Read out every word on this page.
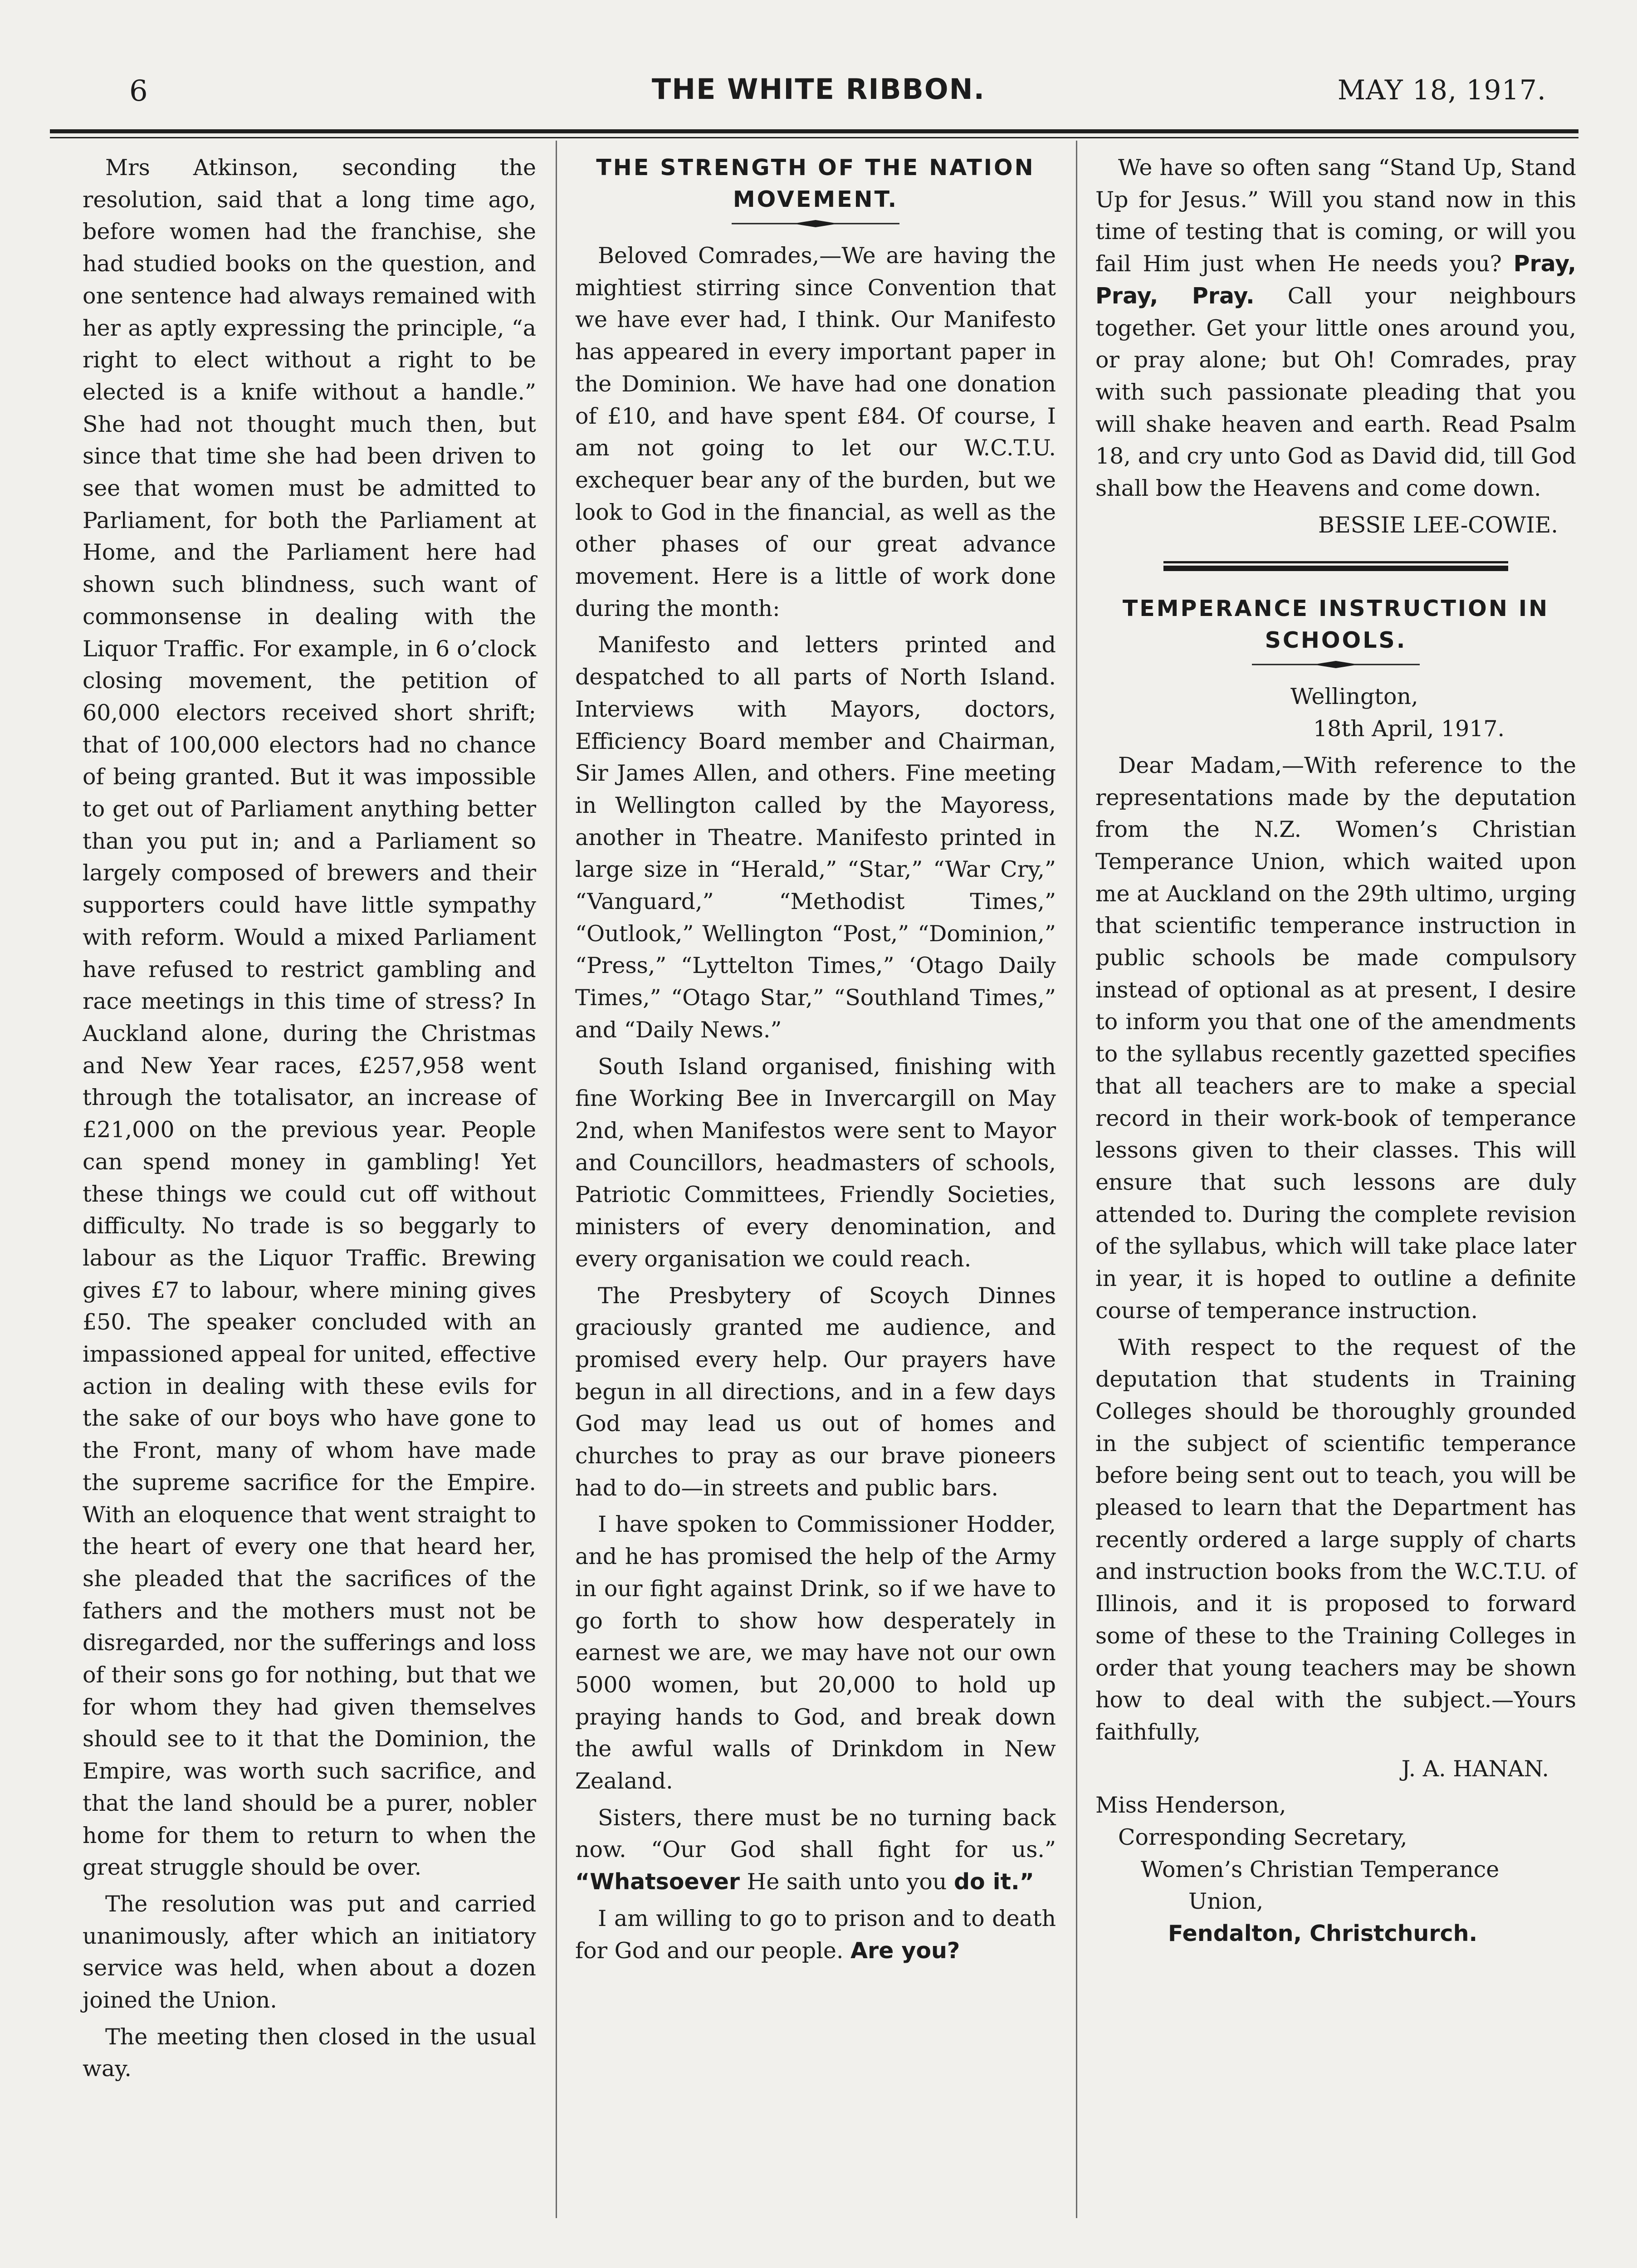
6	THE WHITE RIBBON.	MAY 18, 1917.

Mrs Atkinson, seconding the resolution, said that a long time ago, before women had the franchise, she had studied books on the question, and one sentence had always remained with her as aptly expressing the principle, “a right to elect without a right to be elected is a knife without a handle.” She had not thought much then, but since that time she had been driven to see that women must be admitted to Parliament, for both the Parliament at Home, and the Parliament here had shown such blindness, such want of commonsense in dealing with the Liquor Traffic. For example, in 6 o’clock closing movement, the petition of 60,000 electors received short shrift; that of 100,000 electors had no chance of being granted. But it was impossible to get out of Parliament anything better than you put in; and a Parliament so largely composed of brewers and their supporters could have little sympathy with reform. Would a mixed Parliament have refused to restrict gambling and race meetings in this time of stress? In Auckland alone, during the Christmas and New Year races, £257,958 went through the totalisator, an increase of £21,000 on the previous year. People can spend money in gambling! Yet these things we could cut off without difficulty. No trade is so beggarly to labour as the Liquor Traffic. Brewing gives £7 to labour, where mining gives £50. The speaker concluded with an impassioned appeal for united, effective action in dealing with these evils for the sake of our boys who have gone to the Front, many of whom have made the supreme sacrifice for the Empire. With an eloquence that went straight to the heart of every one that heard her, she pleaded that the sacrifices of the fathers and the mothers must not be disregarded, nor the sufferings and loss of their sons go for nothing, but that we for whom they had given themselves should see to it that the Dominion, the Empire, was worth such sacrifice, and that the land should be a purer, nobler home for them to return to when the great struggle should be over.

The resolution was put and carried unanimously, after which an initiatory service was held, when about a dozen joined the Union.

The meeting then closed in the usual way.

THE STRENGTH OF THE NATION MOVEMENT.

Beloved Comrades,—We are having the mightiest stirring since Convention that we have ever had, I think. Our Manifesto has appeared in every important paper in the Dominion. We have had one donation of £10, and have spent £84. Of course, I am not going to let our W.C.T.U. exchequer bear any of the burden, but we look to God in the financial, as well as the other phases of our great advance movement. Here is a little of work done during the month:

Manifesto and letters printed and despatched to all parts of North Island. Interviews with Mayors, doctors, Efficiency Board member and Chairman, Sir James Allen, and others. Fine meeting in Wellington called by the Mayoress, another in Theatre. Manifesto printed in large size in “Herald,” “Star,” “War Cry,” “Vanguard,” “Methodist Times,” “Outlook,” Wellington “Post,” “Dominion,” “Press,” “Lyttelton Times,” ‘Otago Daily Times,” “Otago Star,” “Southland Times,” and “Daily News.”

South Island organised, finishing with fine Working Bee in Invercargill on May 2nd, when Manifestos were sent to Mayor and Councillors, headmasters of schools, Patriotic Committees, Friendly Societies, ministers of every denomination, and every organisation we could reach.

The Presbytery of Scoych Dinnes graciously granted me audience, and promised every help. Our prayers have begun in all directions, and in a few days God may lead us out of homes and churches to pray as our brave pioneers had to do—in streets and public bars.

I have spoken to Commissioner Hodder, and he has promised the help of the Army in our fight against Drink, so if we have to go forth to show how desperately in earnest we are, we may have not our own 5000 women, but 20,000 to hold up praying hands to God, and break down the awful walls of Drinkdom in New Zealand.

Sisters, there must be no turning back now. “Our God shall fight for us.” “Whatsoever He saith unto you do it.”

I am willing to go to prison and to death for God and our people. Are you?

We have so often sang “Stand Up, Stand Up for Jesus.” Will you stand now in this time of testing that is coming, or will you fail Him just when He needs you? Pray, Pray, Pray. Call your neighbours together. Get your little ones around you, or pray alone; but Oh! Comrades, pray with such passionate pleading that you will shake heaven and earth. Read Psalm 18, and cry unto God as David did, till God shall bow the Heavens and come down.

BESSIE LEE-COWIE.

TEMPERANCE INSTRUCTION IN SCHOOLS.

Wellington,

18th April, 1917.

Dear Madam,—With reference to the representations made by the deputation from the N.Z. Women’s Christian Temperance Union, which waited upon me at Auckland on the 29th ultimo, urging that scientific temperance instruction in public schools be made compulsory instead of optional as at present, I desire to inform you that one of the amendments to the syllabus recently gazetted specifies that all teachers are to make a special record in their work-book of temperance lessons given to their classes. This will ensure that such lessons are duly attended to. During the complete revision of the syllabus, which will take place later in year, it is hoped to outline a definite course of temperance instruction.

With respect to the request of the deputation that students in Training Colleges should be thoroughly grounded in the subject of scientific temperance before being sent out to teach, you will be pleased to learn that the Department has recently ordered a large supply of charts and instruction books from the W.C.T.U. of Illinois, and it is proposed to forward some of these to the Training Colleges in order that young teachers may be shown how to deal with the subject.—Yours faithfully,

J. A. HANAN.

Miss Henderson,

Corresponding Secretary,

Women’s Christian Temperance

Union,

Fendalton, Christchurch.
